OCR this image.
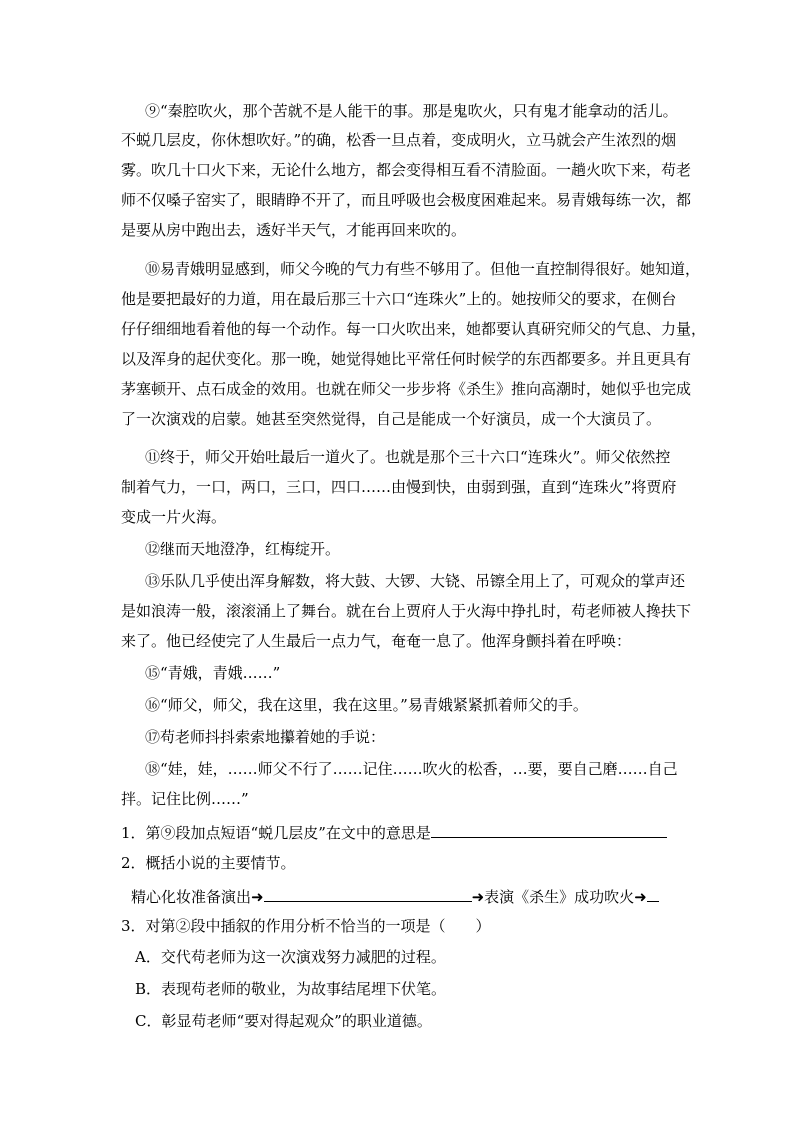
⑨“秦腔吹火，那个苦就不是人能干的事。那是鬼吹火，只有鬼才能拿动的活儿。
不蜕几层皮，你休想吹好。”的确，松香一旦点着，变成明火，立马就会产生浓烈的烟
雾。吹几十口火下来，无论什么地方，都会变得相互看不清脸面。一趟火吹下来，苟老
师不仅嗓子窑实了，眼睛睁不开了，而且呼吸也会极度困难起来。易青娥每练一次，都
是要从房中跑出去，透好半天气，才能再回来吹的。
⑩易青娥明显感到，师父今晚的气力有些不够用了。但他一直控制得很好。她知道，
他是要把最好的力道，用在最后那三十六口“连珠火”上的。她按师父的要求，在侧台
仔仔细细地看着他的每一个动作。每一口火吹出来，她都要认真研究师父的气息、力量，
以及浑身的起伏变化。那一晚，她觉得她比平常任何时候学的东西都要多。并且更具有
茅塞顿开、点石成金的效用。也就在师父一步步将《杀生》推向高潮时，她似乎也完成
了一次演戏的启蒙。她甚至突然觉得，自己是能成一个好演员，成一个大演员了。
⑪终于，师父开始吐最后一道火了。也就是那个三十六口“连珠火”。师父依然控
制着气力，一口，两口，三口，四口……由慢到快，由弱到强，直到“连珠火”将贾府
变成一片火海。
⑫继而天地澄净，红梅绽开。
⑬乐队几乎使出浑身解数，将大鼓、大锣、大铙、吊镲全用上了，可观众的掌声还
是如浪涛一般，滚滚涌上了舞台。就在台上贾府人于火海中挣扎时，苟老师被人搀扶下
来了。他已经使完了人生最后一点力气，奄奄一息了。他浑身颤抖着在呼唤：
⑮“青娥，青娥……”
⑯“师父，师父，我在这里，我在这里。”易青娥紧紧抓着师父的手。
⑰苟老师抖抖索索地攥着她的手说：
⑱“娃，娃，……师父不行了……记住……吹火的松香，…要，要自己磨……自己
拌。记住比例……”
1．第⑨段加点短语“蜕几层皮”在文中的意思是
2．概括小说的主要情节。
精心化妆准备演出➜	➜表演《杀生》成功吹火➜
3．对第②段中插叙的作用分析不恰当的一项是（　　）
A．交代苟老师为这一次演戏努力减肥的过程。
B．表现苟老师的敬业，为故事结尾埋下伏笔。
C．彰显苟老师“要对得起观众”的职业道德。
